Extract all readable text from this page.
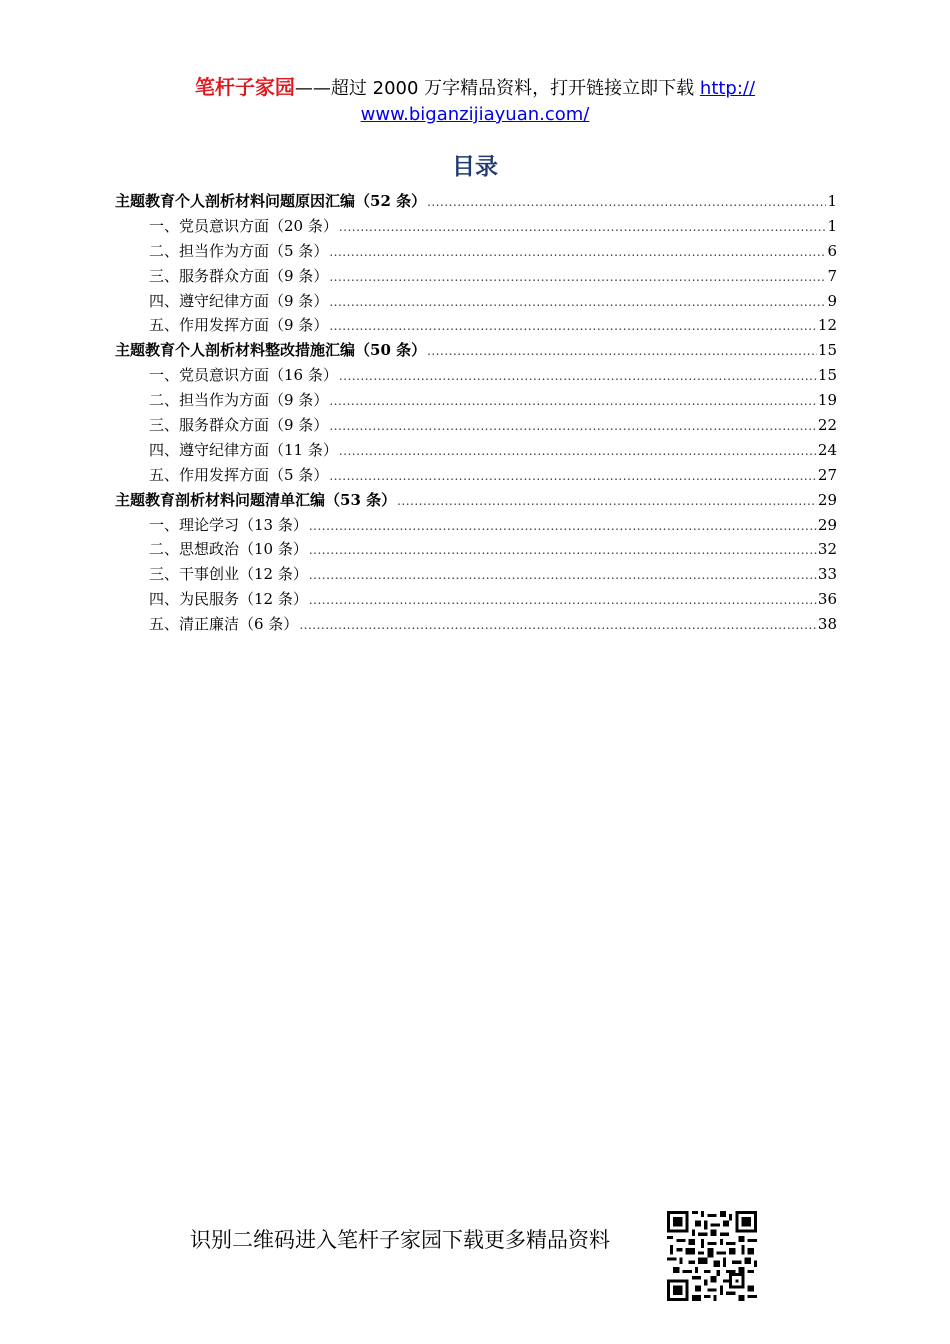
笔杆子家园——超过 2000 万字精品资料，打开链接立即下载 http://
www.biganzijiayuan.com/
目录
主题教育个人剖析材料问题原因汇编（52 条） .....	1
一、党员意识方面（20 条） .....	1
二、担当作为方面（5 条） .....	6
三、服务群众方面（9 条） .....	7
四、遵守纪律方面（9 条） .....	9
五、作用发挥方面（9 条） .....	12
主题教育个人剖析材料整改措施汇编（50 条） .....	15
一、党员意识方面（16 条） .....	15
二、担当作为方面（9 条） .....	19
三、服务群众方面（9 条） .....	22
四、遵守纪律方面（11 条） .....	24
五、作用发挥方面（5 条） .....	27
主题教育剖析材料问题清单汇编（53 条） .....	29
一、理论学习（13 条） .....	29
二、思想政治（10 条） .....	32
三、干事创业（12 条） .....	33
四、为民服务（12 条） .....	36
五、清正廉洁（6 条） .....	38
识别二维码进入笔杆子家园下载更多精品资料
